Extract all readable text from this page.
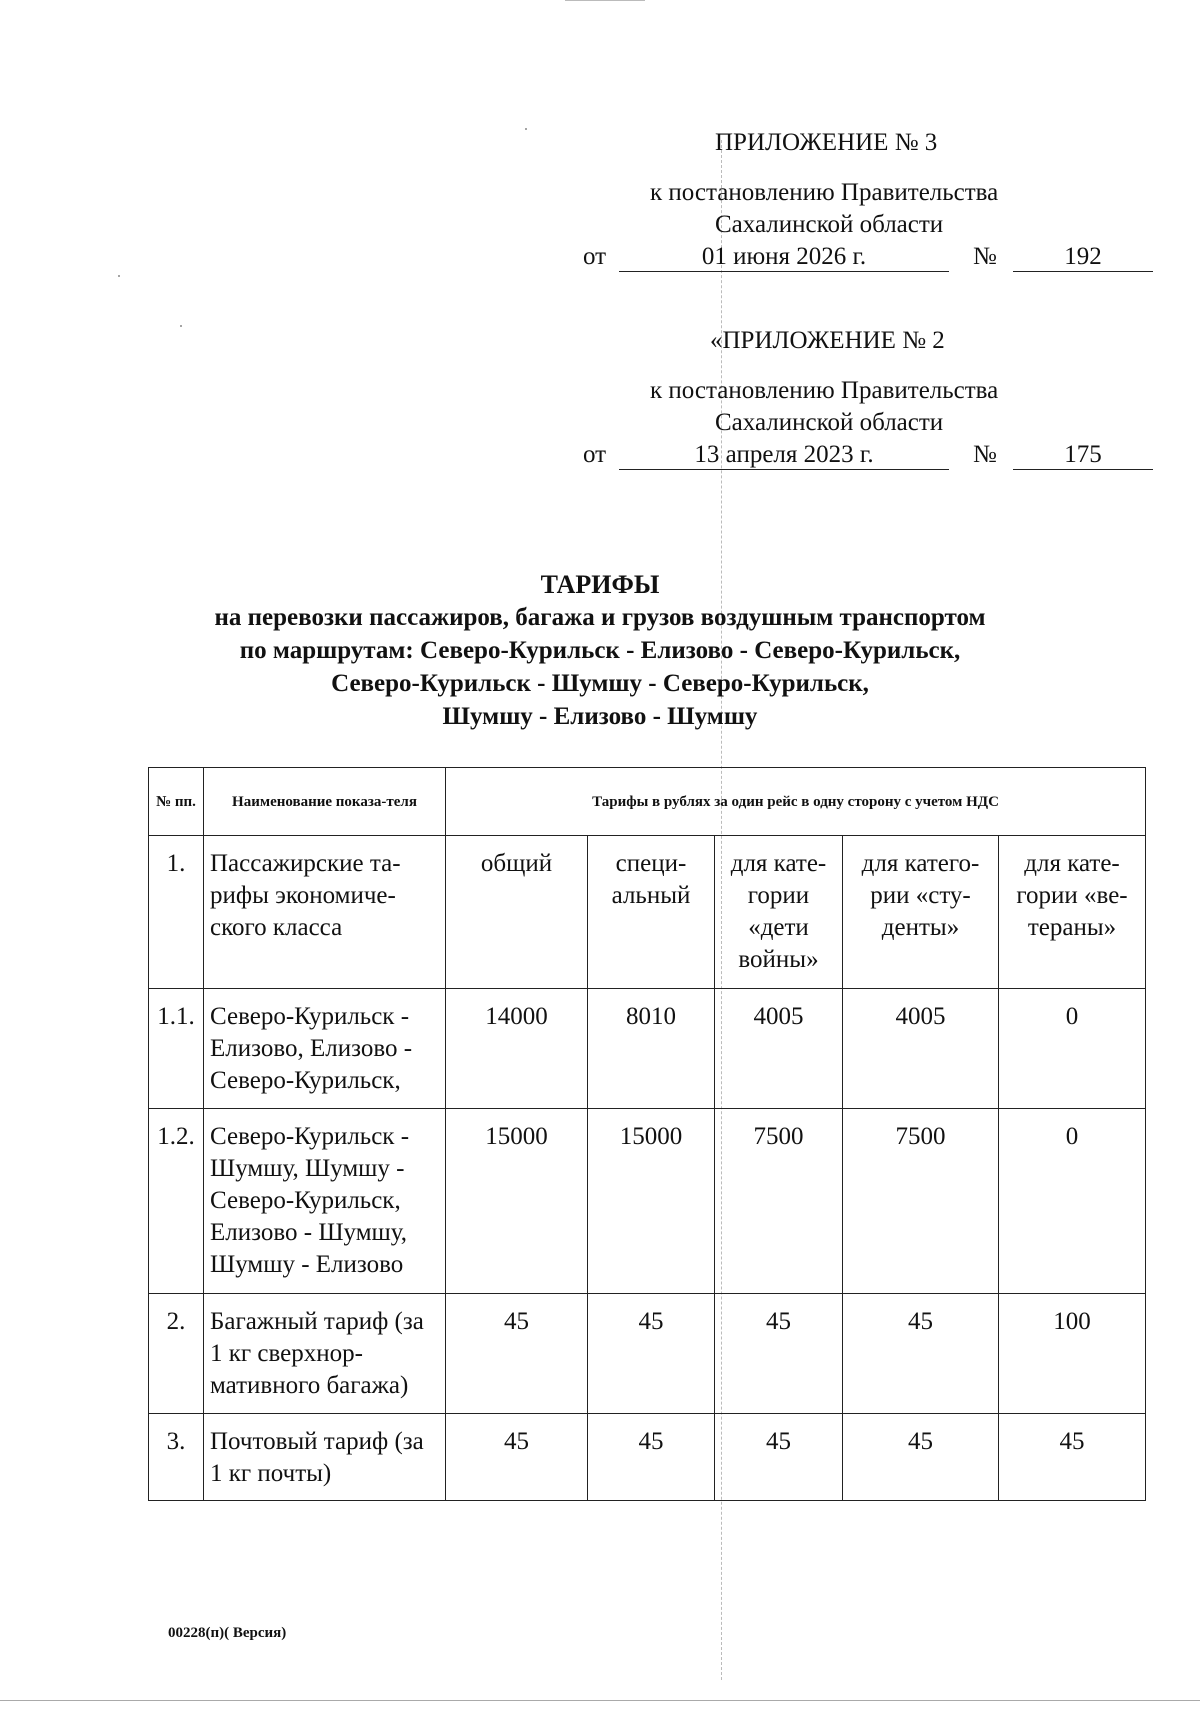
ПРИЛОЖЕНИЕ № 3
к постановлению Правительства
Сахалинской области
от	01 июня 2026 г.	№	192
«ПРИЛОЖЕНИЕ № 2
к постановлению Правительства
Сахалинской области
от	13 апреля 2023 г.	№	175
ТАРИФЫ
на перевозки пассажиров, багажа и грузов воздушным транспортом
по маршрутам: Северо-Курильск - Елизово - Северо-Курильск,
Северо-Курильск - Шумшу - Северо-Курильск,
Шумшу - Елизово - Шумшу
№ пп.	Наименование показа-теля	Тарифы в рублях за один рейс в одну сторону с учетом НДС				
1.	Пассажирские та-рифы экономиче-ского класса	общий	специ-альный	для кате-гории «дети войны»	для катего-рии «сту-денты»	для кате-гории «ве-тераны»
1.1.	Северо-Курильск - Елизово, Елизово - Северо-Курильск,	14000	8010	4005	4005	0
1.2.	Северо-Курильск - Шумшу, Шумшу - Северо-Курильск, Елизово - Шумшу, Шумшу - Елизово	15000	15000	7500	7500	0
2.	Багажный тариф (за 1 кг сверхнор-мативного багажа)	45	45	45	45	100
3.	Почтовый тариф (за 1 кг почты)	45	45	45	45	45
00228(п)( Версия)
